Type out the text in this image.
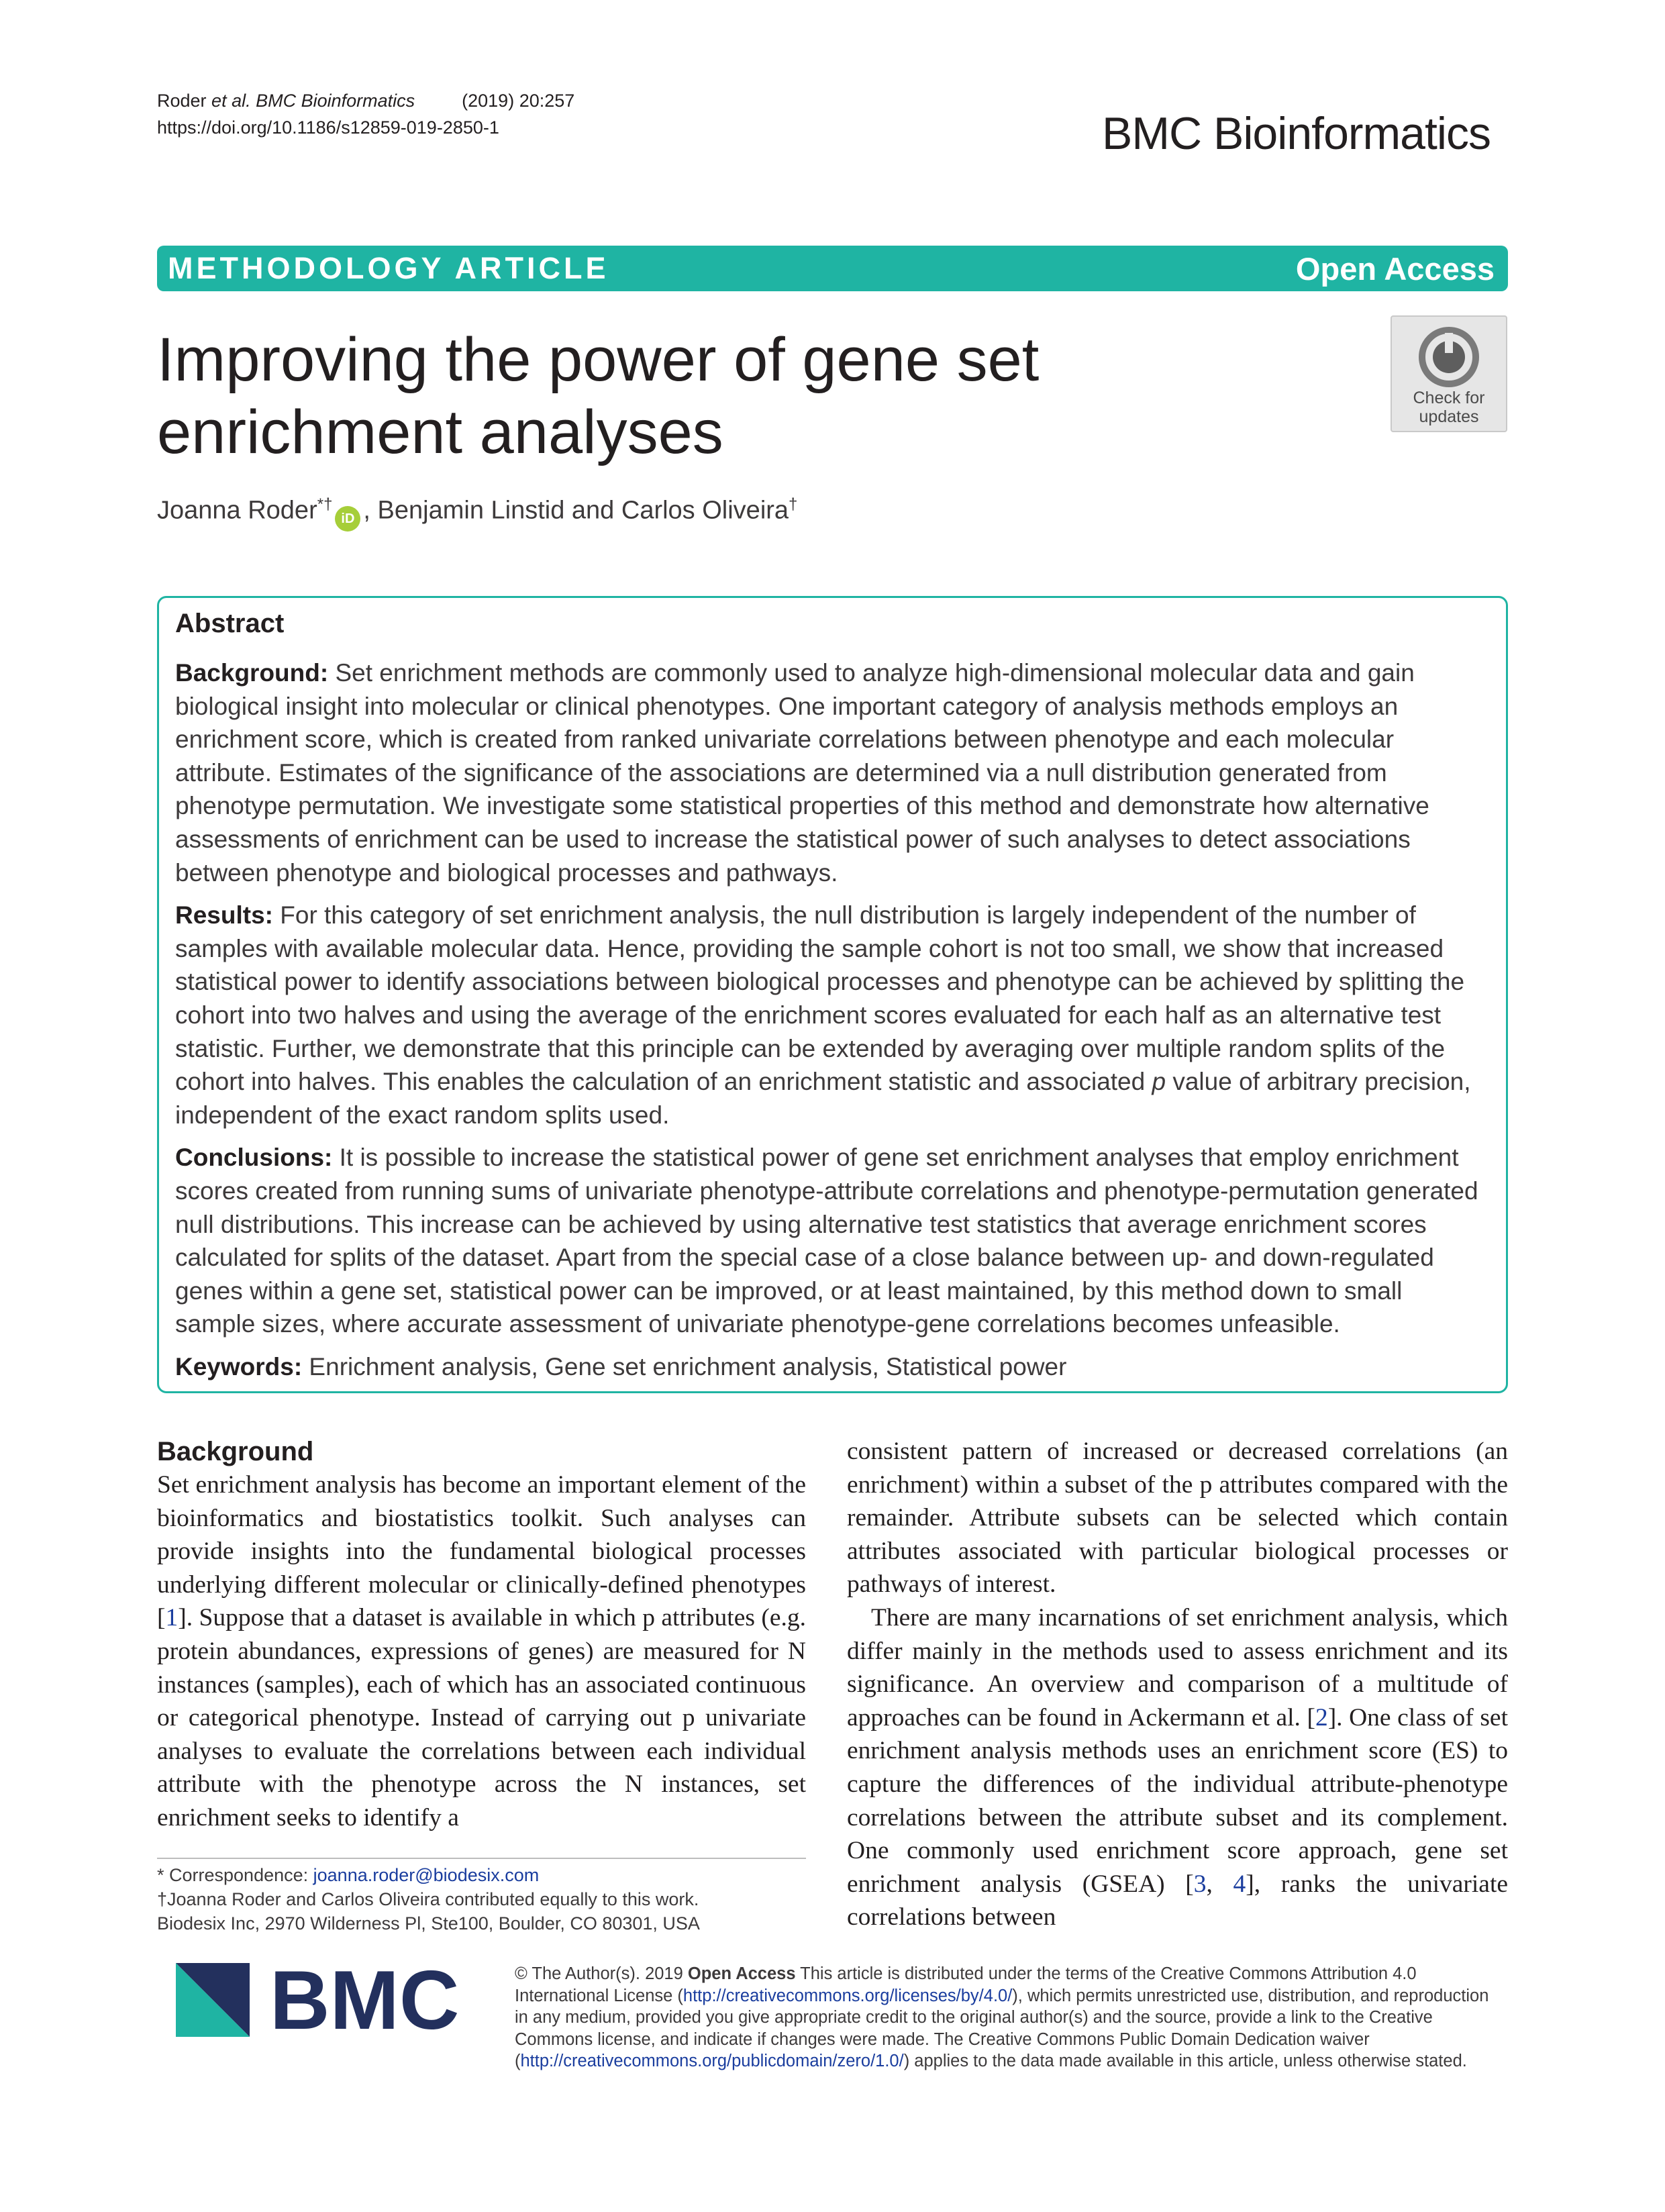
Roder et al. BMC Bioinformatics	(2019) 20:257
https://doi.org/10.1186/s12859-019-2850-1	BMC Bioinformatics
METHODOLOGY ARTICLE	Open Access
Improving the power of gene set
enrichment analyses	Check for
updates
Joanna Roder*†iD , Benjamin Linstid and Carlos Oliveira†
Abstract

Background: Set enrichment methods are commonly used to analyze high-dimensional molecular data and gain biological insight into molecular or clinical phenotypes. One important category of analysis methods employs an enrichment score, which is created from ranked univariate correlations between phenotype and each molecular attribute. Estimates of the significance of the associations are determined via a null distribution generated from phenotype permutation. We investigate some statistical properties of this method and demonstrate how alternative assessments of enrichment can be used to increase the statistical power of such analyses to detect associations between phenotype and biological processes and pathways.

Results: For this category of set enrichment analysis, the null distribution is largely independent of the number of samples with available molecular data. Hence, providing the sample cohort is not too small, we show that increased statistical power to identify associations between biological processes and phenotype can be achieved by splitting the cohort into two halves and using the average of the enrichment scores evaluated for each half as an alternative test statistic. Further, we demonstrate that this principle can be extended by averaging over multiple random splits of the cohort into halves. This enables the calculation of an enrichment statistic and associated p value of arbitrary precision, independent of the exact random splits used.

Conclusions: It is possible to increase the statistical power of gene set enrichment analyses that employ enrichment scores created from running sums of univariate phenotype-attribute correlations and phenotype-permutation generated null distributions. This increase can be achieved by using alternative test statistics that average enrichment scores calculated for splits of the dataset. Apart from the special case of a close balance between up- and down-regulated genes within a gene set, statistical power can be improved, or at least maintained, by this method down to small sample sizes, where accurate assessment of univariate phenotype-gene correlations becomes unfeasible.

Keywords: Enrichment analysis, Gene set enrichment analysis, Statistical power

Background

Set enrichment analysis has become an important element of the bioinformatics and biostatistics toolkit. Such analyses can provide insights into the fundamental biological processes underlying different molecular or clinically-defined phenotypes [1]. Suppose that a dataset is available in which p attributes (e.g. protein abundances, expressions of genes) are measured for N instances (samples), each of which has an associated continuous or categorical phenotype. Instead of carrying out p univariate analyses to evaluate the correlations between each individual attribute with the phenotype across the N instances, set enrichment seeks to identify a

consistent pattern of increased or decreased correlations (an enrichment) within a subset of the p attributes compared with the remainder. Attribute subsets can be selected which contain attributes associated with particular biological processes or pathways of interest.

There are many incarnations of set enrichment analysis, which differ mainly in the methods used to assess enrichment and its significance. An overview and comparison of a multitude of approaches can be found in Ackermann et al. [2]. One class of set enrichment analysis methods uses an enrichment score (ES) to capture the differences of the individual attribute-phenotype correlations between the attribute subset and its complement. One commonly used enrichment score approach, gene set enrichment analysis (GSEA) [3, 4], ranks the univariate correlations between

* Correspondence: joanna.roder@biodesix.com
†Joanna Roder and Carlos Oliveira contributed equally to this work.
Biodesix Inc, 2970 Wilderness Pl, Ste100, Boulder, CO 80301, USA
BMC	© The Author(s). 2019 Open Access This article is distributed under the terms of the Creative Commons Attribution 4.0 International License (http://creativecommons.org/licenses/by/4.0/), which permits unrestricted use, distribution, and reproduction in any medium, provided you give appropriate credit to the original author(s) and the source, provide a link to the Creative Commons license, and indicate if changes were made. The Creative Commons Public Domain Dedication waiver (http://creativecommons.org/publicdomain/zero/1.0/) applies to the data made available in this article, unless otherwise stated.
